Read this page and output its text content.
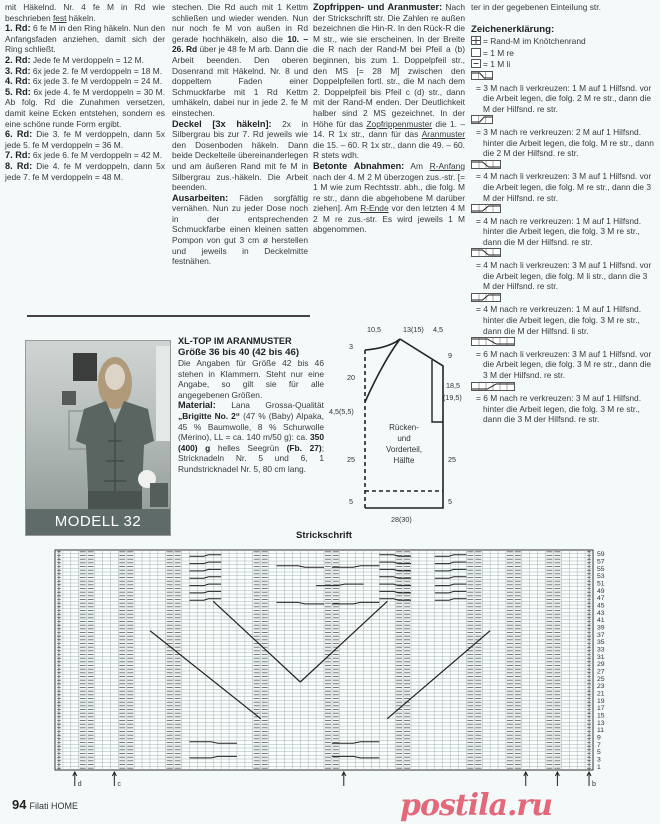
mit Häkelnd. Nr. 4 fe M in Rd wie beschrieben fest häkeln.

1. Rd: 6 fe M in den Ring häkeln. Nun den Anfangsfaden anziehen, damit sich der Ring schließt.

2. Rd: Jede fe M verdoppeln = 12 M.

3. Rd: 6x jede 2. fe M verdoppeln = 18 M.

4. Rd: 6x jede 3. fe M verdoppeln = 24 M.

5. Rd: 6x jede 4. fe M verdoppeln = 30 M. Ab folg. Rd die Zunahmen versetzen, damit keine Ecken entstehen, sondern es eine schöne runde Form ergibt.

6. Rd: Die 3. fe M verdoppeln, dann 5x jede 5. fe M verdoppeln = 36 M.

7. Rd: 6x jede 6. fe M verdoppeln = 42 M.

8. Rd: Die 4. fe M verdoppeln, dann 5x jede 7. fe M verdoppeln = 48 M.

stechen. Die Rd auch mit 1 Kettm schließen und wieder wenden. Nun nur noch fe M von außen in Rd gerade hochhäkeln, also die 10. – 26. Rd über je 48 fe M arb. Dann die Arbeit beenden. Den oberen Dosenrand mit Häkelnd. Nr. 8 und doppeltem Faden einer Schmuckfarbe mit 1 Rd Kettm umhäkeln, dabei nur in jede 2. fe M einstechen.

Deckel [3x häkeln]: 2x in Silbergrau bis zur 7. Rd jeweils wie den Dosenboden häkeln. Dann beide Deckelteile übereinanderlegen und am äußeren Rand mit fe M in Silbergrau zus.-häkeln. Die Arbeit beenden.

Ausarbeiten: Fäden sorgfältig vernähen. Nun zu jeder Dose noch in der entsprechenden Schmuckfarbe einen kleinen satten Pompon von gut 3 cm ø herstellen und jeweils in Deckelmitte festnähen.

Zopfrippen- und Aranmuster: Nach der Strickschrift str. Die Zahlen re außen bezeichnen die Hin-R. In den Rück-R die M str., wie sie erscheinen. In der Breite die R nach der Rand-M bei Pfeil a (b) beginnen, bis zum 1. Doppelpfeil str., den MS [= 28 M] zwischen den Doppelpfeilen fortl. str., die M nach dem 2. Doppelpfeil bis Pfeil c (d) str., dann mit der Rand-M enden. Der Deutlichkeit halber sind 2 MS gezeichnet. In der Höhe für das Zopfrippenmuster die 1. – 14. R 1x str., dann für das Aranmuster die 15. – 60. R 1x str., dann die 49. – 60. R stets wdh.

Betonte Abnahmen: Am R-Anfang nach der 4. M 2 M überzogen zus.-str. [= 1 M wie zum Rechtsstr. abh., die folg. M re str., dann die abgehobene M darüber ziehen]. Am R-Ende vor den letzten 4 M 2 M re zus.-str. Es wird jeweils 1 M abgenommen.

ter in der gegebenen Einteilung str.

Zeichenerklärung:

= Rand-M im Knötchenrand
= 1 M re
= 1 M li

= 3 M nach li verkreuzen: 1 M auf 1 Hilfsnd. vor die Arbeit legen, die folg. 2 M re str., dann die M der Hilfsnd. re str.

= 3 M nach re verkreuzen: 2 M auf 1 Hilfsnd. hinter die Arbeit legen, die folg. M re str., dann die 2 M der Hilfsnd. re str.

= 4 M nach li verkreuzen: 3 M auf 1 Hilfsnd. vor die Arbeit legen, die folg. M re str., dann die 3 M der Hilfsnd. re str.

= 4 M nach re verkreuzen: 1 M auf 1 Hilfsnd. hinter die Arbeit legen, die folg. 3 M re str., dann die M der Hilfsnd. re str.

= 4 M nach li verkreuzen: 3 M auf 1 Hilfsnd. vor die Arbeit legen, die folg. M li str., dann die 3 M der Hilfsnd. re str.

= 4 M nach re verkreuzen: 1 M auf 1 Hilfsnd. hinter die Arbeit legen, die folg. 3 M re str., dann die M der Hilfsnd. li str.

= 6 M nach li verkreuzen: 3 M auf 1 Hilfsnd. vor die Arbeit legen, die folg. 3 M re str., dann die 3 M der Hilfsnd. re str.

= 6 M nach re verkreuzen: 3 M auf 1 Hilfsnd. hinter die Arbeit legen, die folg. 3 M re str., dann die 3 M der Hilfsnd. re str.

MODELL 32

XL-TOP IM ARANMUSTER

Größe 36 bis 40 (42 bis 46)

Die Angaben für Größe 42 bis 46 stehen in Klammern. Steht nur eine Angabe, so gilt sie für alle angegebenen Größen.

Material: Lana Grossa-Qualität „Brigitte No. 2“ (47 % (Baby) Alpaka, 45 % Baumwolle, 8 % Schurwolle (Merino), LL = ca. 140 m/50 g): ca. 350 (400) g helles Seegrün (Fb. 27); Stricknadeln Nr. 5 und 6, 1 Rundstricknadel Nr. 5, 80 cm lang.

10,5	13(15) 4,5
3
20
4,5(5,5)
25
5
9
18,5
(19,5)
25
5
28(30)
Rücken-
und
Vorderteil,
Hälfte
Strickschrift
59
57
55
53
51
49
47
45
43
41
39
37
35
33
31
29
27
25
23
21
19
17
15
13
11
9
7
5
3
1
d	c	b
94 Filati HOME	postila.ru
